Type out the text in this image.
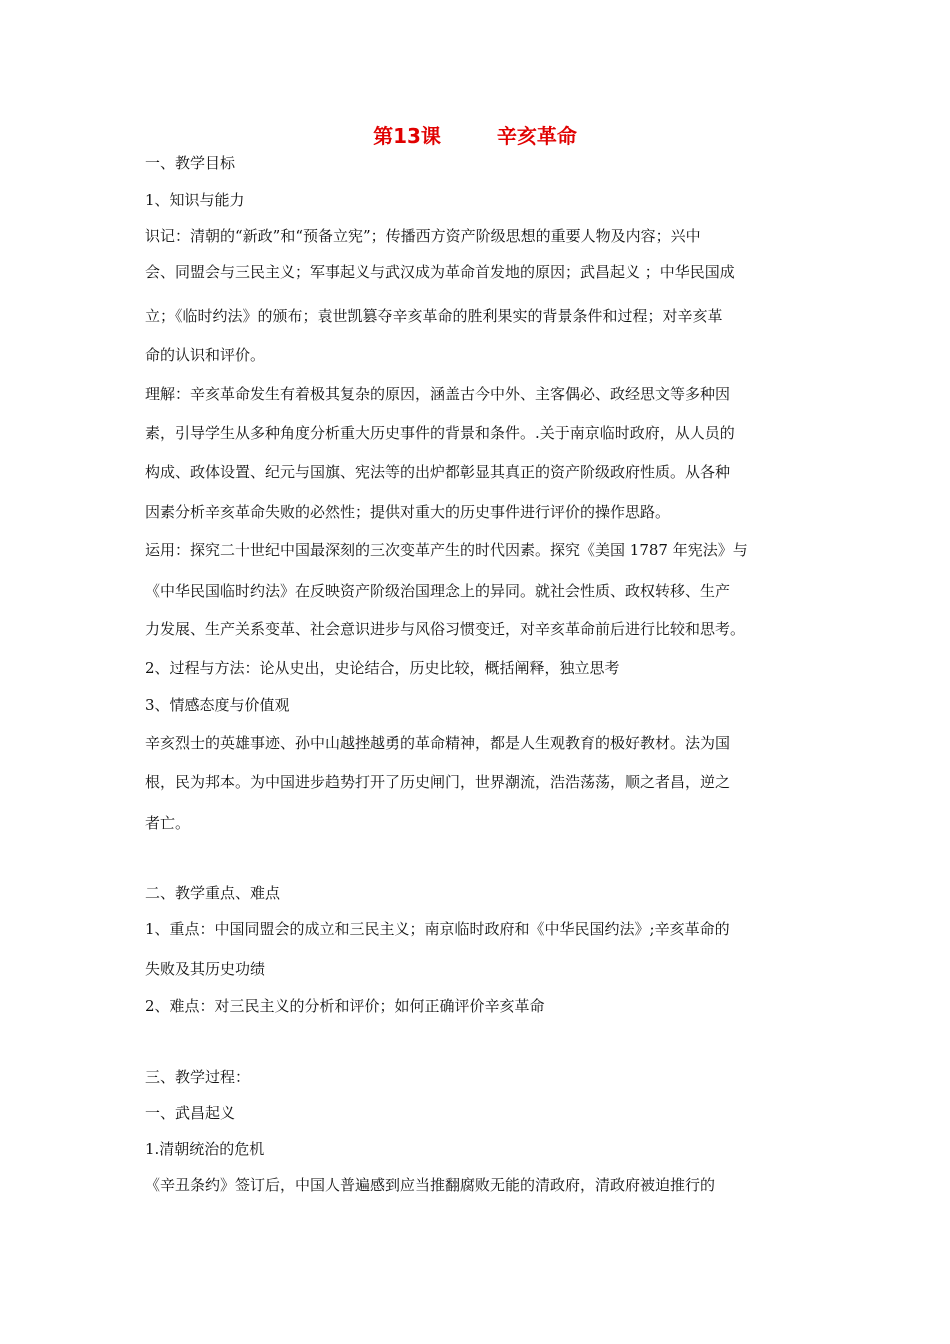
第13课	辛亥革命
一、教学目标
1、知识与能力
识记：清朝的“新政”和“预备立宪”；传播西方资产阶级思想的重要人物及内容；兴中
会、同盟会与三民主义；军事起义与武汉成为革命首发地的原因；武昌起义 ；中华民国成
立；《临时约法》的颁布；袁世凯篡夺辛亥革命的胜利果实的背景条件和过程；对辛亥革
命的认识和评价。
理解：辛亥革命发生有着极其复杂的原因，涵盖古今中外、主客偶必、政经思文等多种因
素，引导学生从多种角度分析重大历史事件的背景和条件。.关于南京临时政府，从人员的
构成、政体设置、纪元与国旗、宪法等的出炉都彰显其真正的资产阶级政府性质。从各种
因素分析辛亥革命失败的必然性；提供对重大的历史事件进行评价的操作思路。
运用：探究二十世纪中国最深刻的三次变革产生的时代因素。探究《美国 1787 年宪法》与
《中华民国临时约法》在反映资产阶级治国理念上的异同。就社会性质、政权转移、生产
力发展、生产关系变革、社会意识进步与风俗习惯变迁，对辛亥革命前后进行比较和思考。
2、过程与方法：论从史出，史论结合，历史比较，概括阐释，独立思考
3、情感态度与价值观
辛亥烈士的英雄事迹、孙中山越挫越勇的革命精神，都是人生观教育的极好教材。法为国
根，民为邦本。为中国进步趋势打开了历史闸门，世界潮流，浩浩荡荡，顺之者昌，逆之
者亡。
二、教学重点、难点
1、重点：中国同盟会的成立和三民主义；南京临时政府和《中华民国约法》;辛亥革命的
失败及其历史功绩
2、难点：对三民主义的分析和评价；如何正确评价辛亥革命
三、教学过程：
一、武昌起义
1.清朝统治的危机
《辛丑条约》签订后，中国人普遍感到应当推翻腐败无能的清政府，清政府被迫推行的
